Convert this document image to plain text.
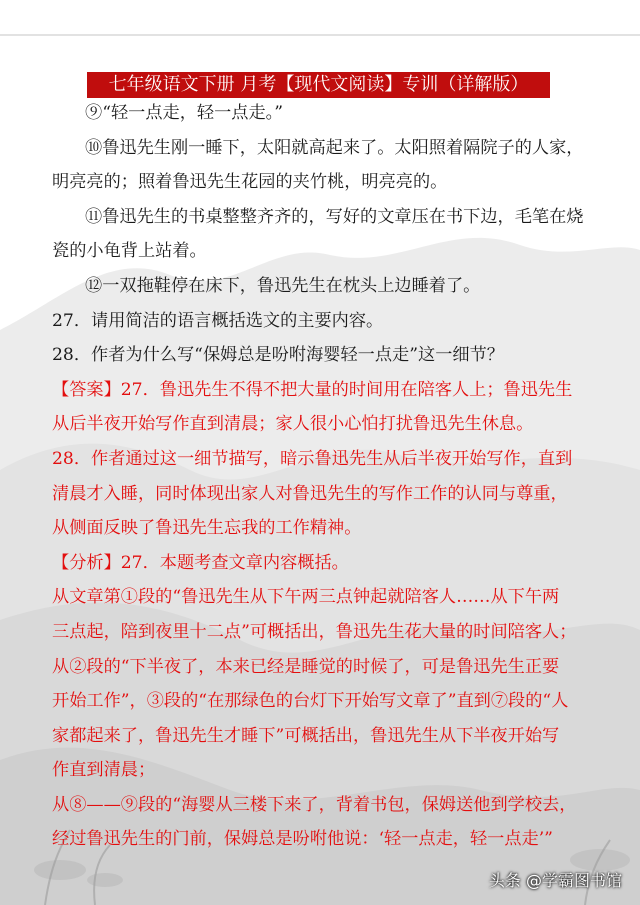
七年级语文下册 月考【现代文阅读】专训（详解版）
⑨“轻一点走，轻一点走。”
⑩鲁迅先生刚一睡下，太阳就高起来了。太阳照着隔院子的人家，
明亮亮的；照着鲁迅先生花园的夹竹桃，明亮亮的。
⑪鲁迅先生的书桌整整齐齐的，写好的文章压在书下边，毛笔在烧
瓷的小龟背上站着。
⑫一双拖鞋停在床下，鲁迅先生在枕头上边睡着了。
27．请用简洁的语言概括选文的主要内容。
28．作者为什么写“保姆总是吩咐海婴轻一点走”这一细节？
【答案】27．鲁迅先生不得不把大量的时间用在陪客人上；鲁迅先生
从后半夜开始写作直到清晨；家人很小心怕打扰鲁迅先生休息。
28．作者通过这一细节描写，暗示鲁迅先生从后半夜开始写作，直到
清晨才入睡，同时体现出家人对鲁迅先生的写作工作的认同与尊重，
从侧面反映了鲁迅先生忘我的工作精神。
【分析】27．本题考查文章内容概括。
从文章第①段的“鲁迅先生从下午两三点钟起就陪客人……从下午两
三点起，陪到夜里十二点”可概括出，鲁迅先生花大量的时间陪客人；
从②段的“下半夜了，本来已经是睡觉的时候了，可是鲁迅先生正要
开始工作”，③段的“在那绿色的台灯下开始写文章了”直到⑦段的“人
家都起来了，鲁迅先生才睡下”可概括出，鲁迅先生从下半夜开始写
作直到清晨；
从⑧——⑨段的“海婴从三楼下来了，背着书包，保姆送他到学校去，
经过鲁迅先生的门前，保姆总是吩咐他说：‘轻一点走，轻一点走’”
头条 @学霸图书馆
